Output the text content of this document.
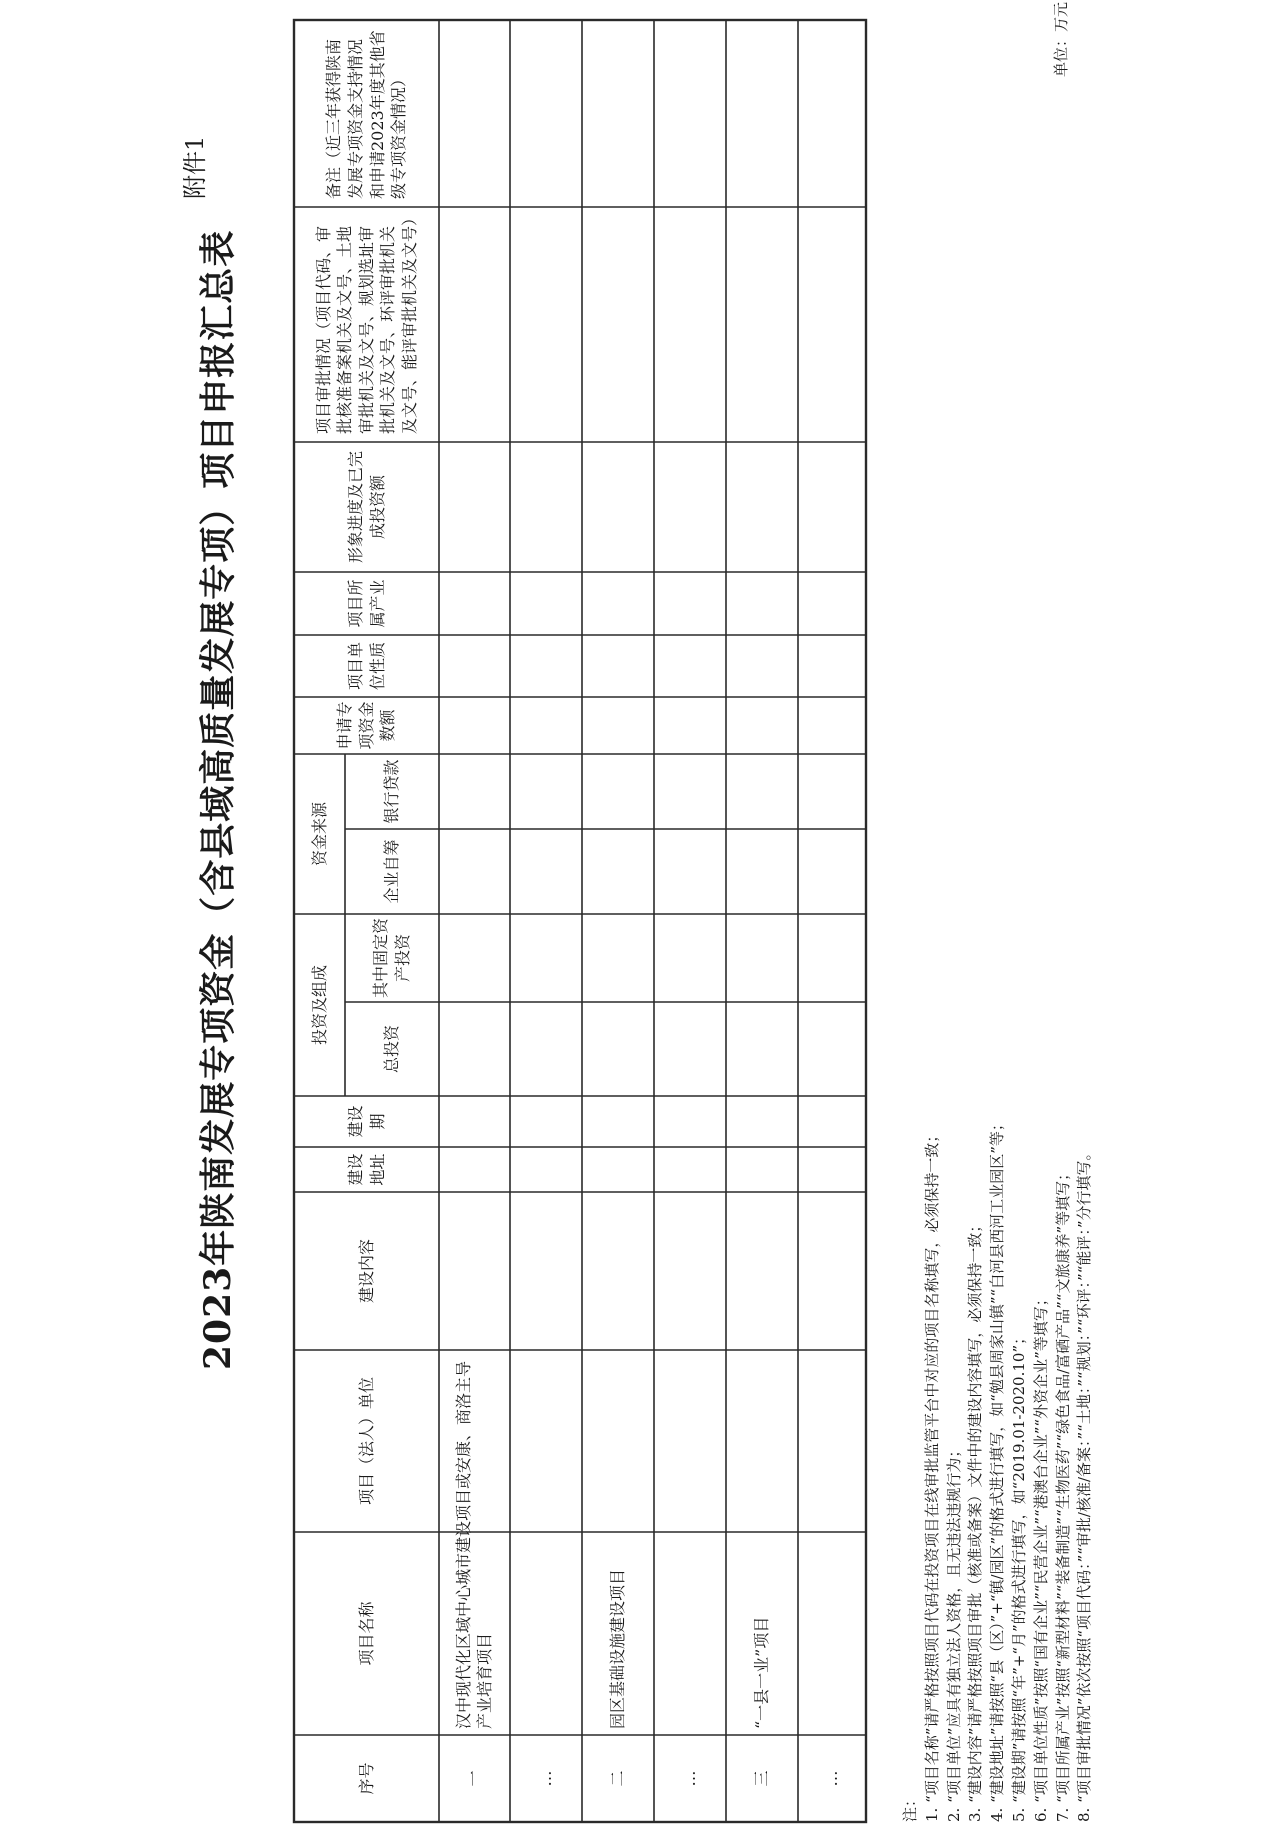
附件1
2023年陕南发展专项资金（含县域高质量发展专项）项目申报汇总表
单位：万元
序号
项目名称
项目（法人）单位
建设内容
建设地址
建设期
投资及组成
总投资
其中固定资产投资
资金来源
企业自筹
银行贷款
申请专项资金数额
项目单位性质
项目所属产业
形象进度及已完成投资额
项目审批情况（项目代码、审批核准备案机关及文号、土地审批机关及文号、规划选址审批机关及文号、环评审批机关及文号、能评审批机关及文号）
备注（近三年获得陕南发展专项资金支持情况和申请2023年度其他省级专项资金情况）
一
汉中现代化区域中心城市建设项目或安康、商洛主导产业培育项目
…	二
园区基础设施建设项目
…	三
“一县一业”项目
…
注： 1. “项目名称”请严格按照项目代码在投资项目在线审批监管平台中对应的项目名称填写，必须保持一致； 2. “项目单位”应具有独立法人资格，且无违法违规行为； 3. “建设内容”请严格按照项目审批（核准或备案）文件中的建设内容填写，必须保持一致； 4. “建设地址”请按照“县（区）”+“镇/园区”的格式进行填写，如“勉县周家山镇”“白河县西河工业园区”等； 5. “建设期”请按照“年”+“月”的格式进行填写，如“2019.01-2020.10”； 6. “项目单位性质”按照“国有企业”“民营企业”“港澳台企业”“外资企业”等填写； 7. “项目所属产业”按照“新型材料”“装备制造”“生物医药”“绿色食品/富硒产品”“文旅康养”等填写； 8. “项目审批情况”依次按照“项目代码：”“审批/核准/备案：”“土地：”“规划：”“环评：”“能评：”分行填写。
